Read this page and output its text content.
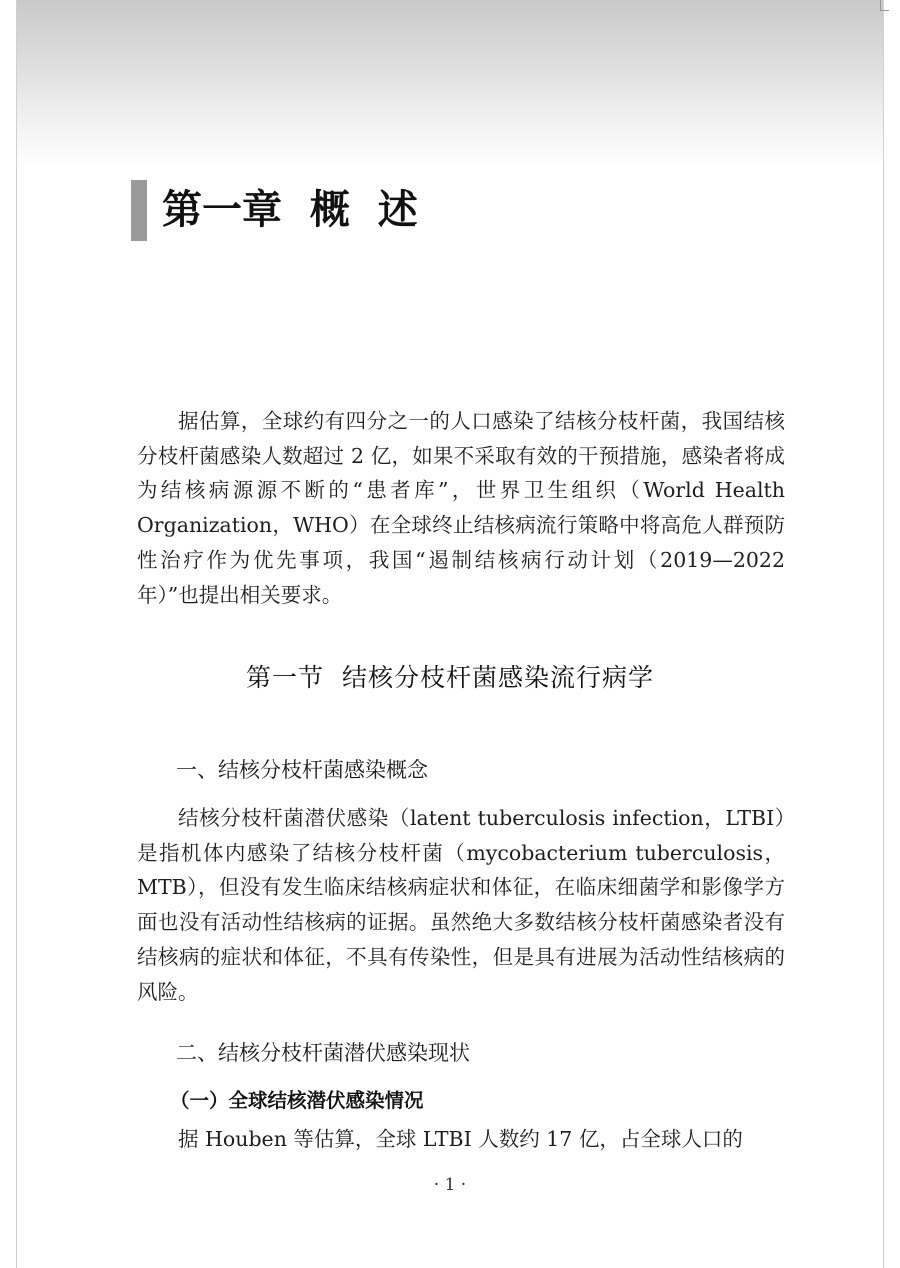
第一章  概  述

据估算，全球约有四分之一的人口感染了结核分枝杆菌，我国结核分枝杆菌感染人数超过 2 亿，如果不采取有效的干预措施，感染者将成为结核病源源不断的“患者库”，世界卫生组织（World Health Organization，WHO）在全球终止结核病流行策略中将高危人群预防性治疗作为优先事项，我国“遏制结核病行动计划（2019—2022 年）”也提出相关要求。

第一节  结核分枝杆菌感染流行病学
一、结核分枝杆菌感染概念

结核分枝杆菌潜伏感染（latent tuberculosis infection，LTBI）是指机体内感染了结核分枝杆菌（mycobacterium tuberculosis，MTB），但没有发生临床结核病症状和体征，在临床细菌学和影像学方面也没有活动性结核病的证据。虽然绝大多数结核分枝杆菌感染者没有结核病的症状和体征，不具有传染性，但是具有进展为活动性结核病的风险。

二、结核分枝杆菌潜伏感染现状
（一）全球结核潜伏感染情况

据 Houben 等估算，全球 LTBI 人数约 17 亿，占全球人口的

· 1 ·
